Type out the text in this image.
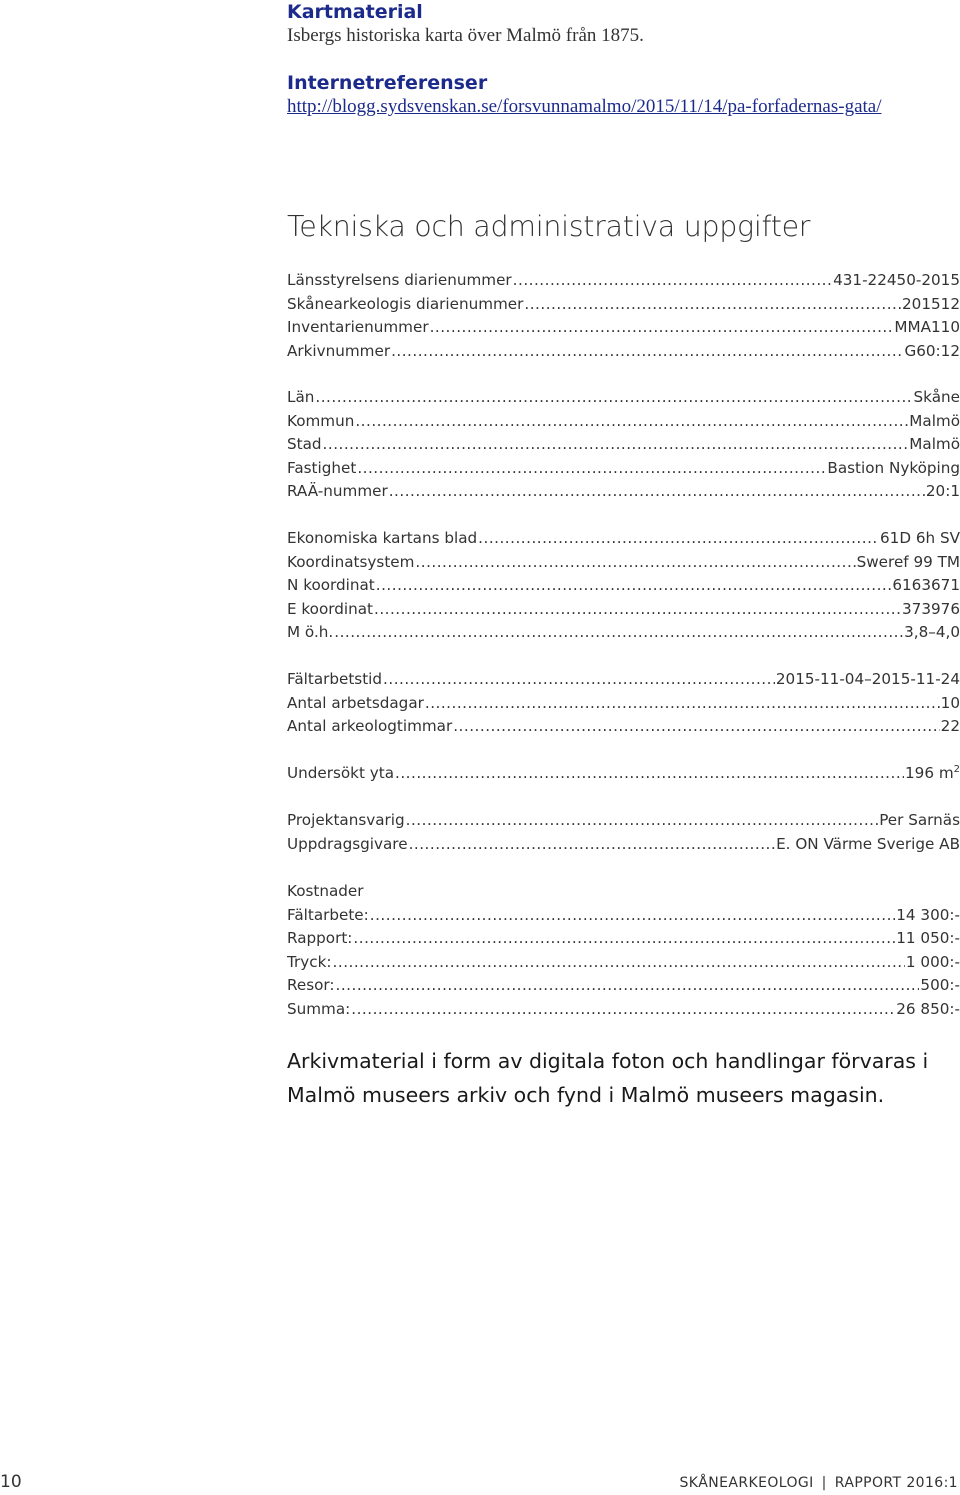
Kartmaterial
Isbergs historiska karta över Malmö från 1875.
Internetreferenser
http://blogg.sydsvenskan.se/forsvunnamalmo/2015/11/14/pa-forfadernas-gata/
Tekniska och administrativa uppgifter
Länsstyrelsens diarienummer .....	431-22450-2015
Skånearkeologis diarienummer .....	201512
Inventarienummer .....	MMA110
Arkivnummer .....	G60:12
Län .....	Skåne
Kommun .....	Malmö
Stad .....	Malmö
Fastighet .....	Bastion Nyköping
RAÄ-nummer .....	20:1
Ekonomiska kartans blad .....	61D 6h SV
Koordinatsystem .....	Sweref 99 TM
N koordinat .....	6163671
E koordinat .....	373976
M ö.h. .....	3,8–4,0
Fältarbetstid .....	2015-11-04–2015-11-24
Antal arbetsdagar .....	10
Antal arkeologtimmar .....	22
Undersökt yta .....	196 $m^2$
Projektansvarig .....	Per Sarnäs
Uppdragsgivare .....	E. ON Värme Sverige AB
Kostnader
Fältarbete: .....	14 300:-
Rapport: .....	11 050:-
Tryck: .....	1 000:-
Resor: .....	500:-
Summa: .....	26 850:-

Arkivmaterial i form av digitala foton och handlingar förvaras i Malmö museers arkiv och fynd i Malmö museers magasin.

10	SKÅNEARKEOLOGI | RAPPORT 2016:1
